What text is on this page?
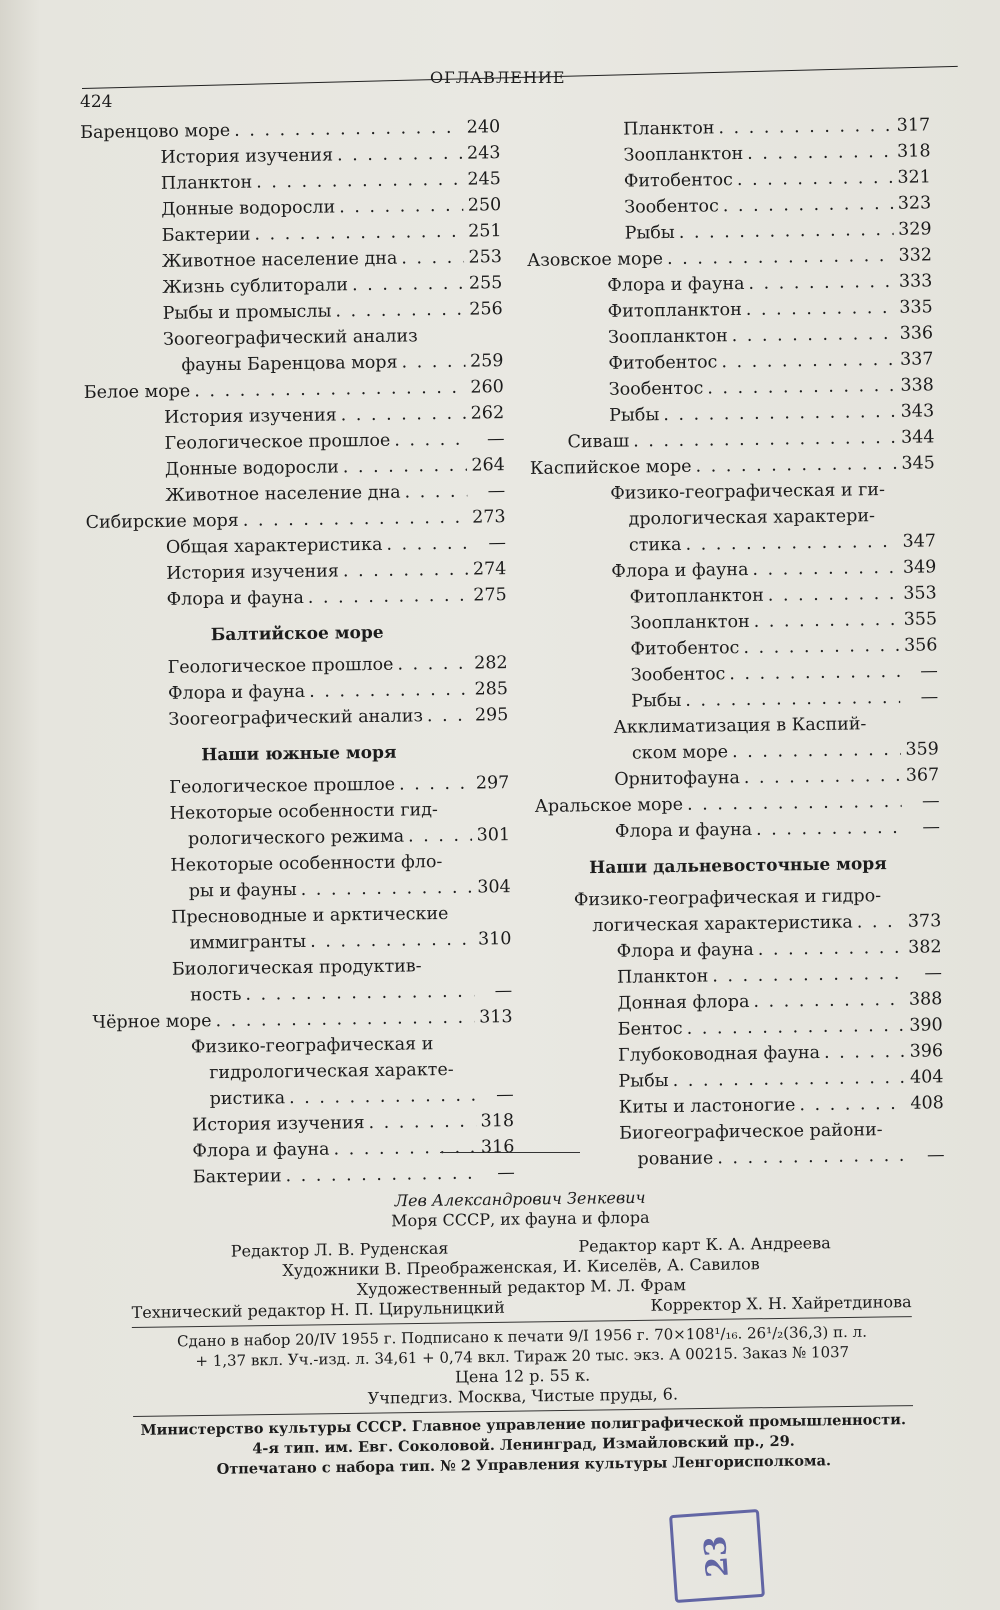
ОГЛАВЛЕНИЕ
424
Баренцово море . . .	240
История изучения . . .	243
Планктон . . .	245
Донные водоросли . . .	250
Бактерии . . .	251
Животное население дна . . .	253
Жизнь сублиторали . . .	255
Рыбы и промыслы . . .	256
Зоогеографический анализ
фауны Баренцова моря . . .	259
Белое море . . .	260
История изучения . . .	262
Геологическое прошлое . . .	—
Донные водоросли . . .	264
Животное население дна . . .	—
Сибирские моря . . .	273
Общая характеристика . . .	—
История изучения . . .	274
Флора и фауна . . .	275
Балтийское море
Геологическое прошлое . . .	282
Флора и фауна . . .	285
Зоогеографический анализ . . .	295
Наши южные моря
Геологическое прошлое . . .	297
Некоторые особенности гид-
рологического режима . . .	301
Некоторые особенности фло-
ры и фауны . . .	304
Пресноводные и арктические
иммигранты . . .	310
Биологическая продуктив-
ность . . .	—
Чёрное море . . .	313
Физико-географическая и
гидрологическая характе-
ристика . . .	—
История изучения . . .	318
Флора и фауна . . .	316
Бактерии . . .	—
Планктон . . .	317
Зоопланктон . . .	318
Фитобентос . . .	321
Зообентос . . .	323
Рыбы . . .	329
Азовское море . . .	332
Флора и фауна . . .	333
Фитопланктон . . .	335
Зоопланктон . . .	336
Фитобентос . . .	337
Зообентос . . .	338
Рыбы . . .	343
Сиваш . . .	344
Каспийское море . . .	345
Физико-географическая и ги-
дрологическая характери-
стика . . .	347
Флора и фауна . . .	349
Фитопланктон . . .	353
Зоопланктон . . .	355
Фитобентос . . .	356
Зообентос . . .	—
Рыбы . . .	—
Акклиматизация в Каспий-
ском море . . .	359
Орнитофауна . . .	367
Аральское море . . .	—
Флора и фауна . . .	—
Наши дальневосточные моря
Физико-географическая и гидро-
логическая характеристика . . .	373
Флора и фауна . . .	382
Планктон . . .	—
Донная флора . . .	388
Бентос . . .	390
Глубоководная фауна . . .	396
Рыбы . . .	404
Киты и ластоногие . . .	408
Биогеографическое райони-
рование . . .	—
Лев Александрович Зенкевич
Моря СССР, их фауна и флора
Редактор Л. В. Руденская	Редактор карт К. А. Андреева
Художники В. Преображенская, И. Киселёв, А. Савилов
Художественный редактор М. Л. Фрам
Технический редактор Н. П. Цирульницкий	Корректор Х. Н. Хайретдинова
Сдано в набор 20/IV 1955 г. Подписано к печати 9/I 1956 г. 70×108¹/₁₆. 26¹/₂(36,3) п. л.
+ 1,37 вкл. Уч.-изд. л. 34,61 + 0,74 вкл. Тираж 20 тыс. экз. А 00215. Заказ № 1037
Цена 12 р. 55 к.
Учпедгиз. Москва, Чистые пруды, 6.
Министерство культуры СССР. Главное управление полиграфической промышленности.
4-я тип. им. Евг. Соколовой. Ленинград, Измайловский пр., 29.
Отпечатано с набора тип. № 2 Управления культуры Ленгорисполкома.
23
